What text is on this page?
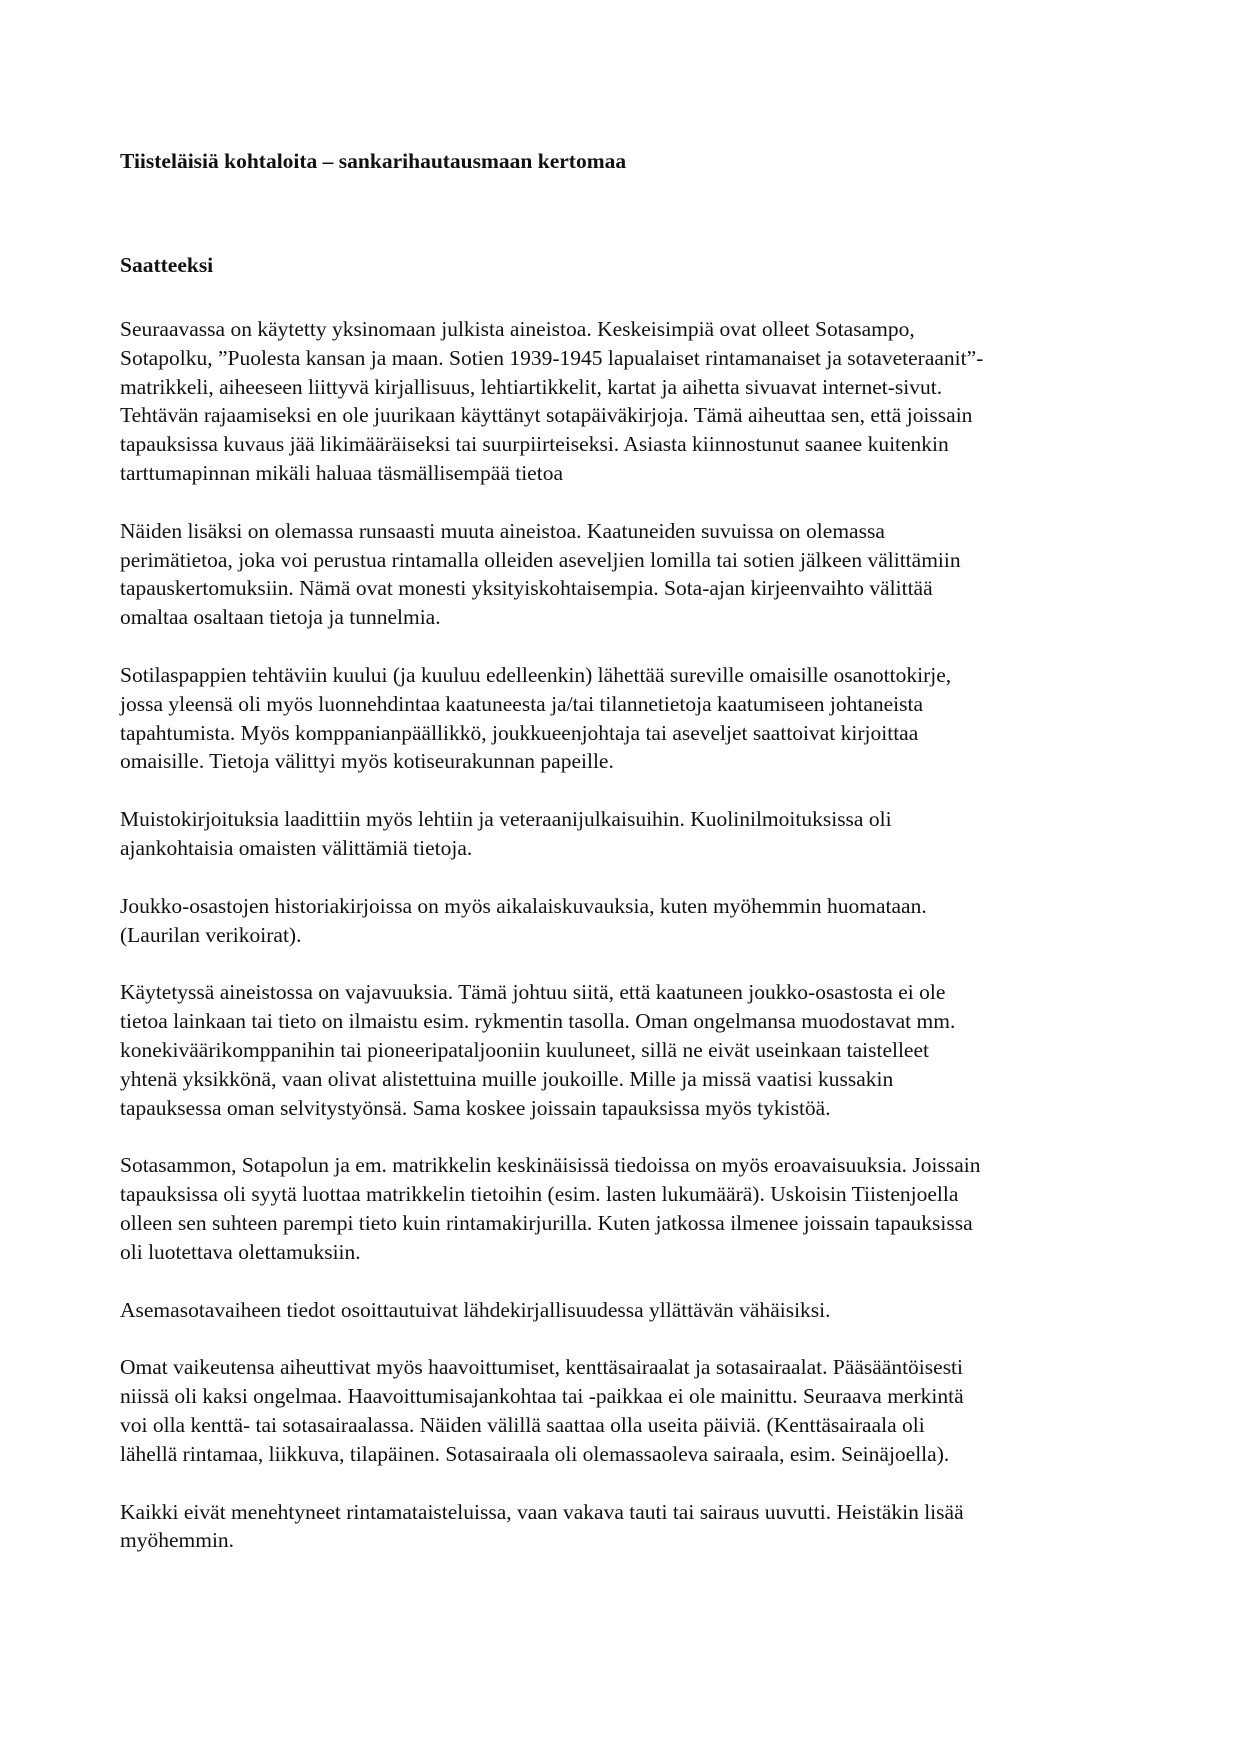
Tiisteläisiä kohtaloita – sankarihautausmaan kertomaa
Saatteeksi

Seuraavassa on käytetty yksinomaan julkista aineistoa. Keskeisimpiä ovat olleet Sotasampo,
Sotapolku, ”Puolesta kansan ja maan. Sotien 1939-1945 lapualaiset rintamanaiset ja sotaveteraanit”-
matrikkeli, aiheeseen liittyvä kirjallisuus, lehtiartikkelit, kartat ja aihetta sivuavat internet-sivut.
Tehtävän rajaamiseksi en ole juurikaan käyttänyt sotapäiväkirjoja. Tämä aiheuttaa sen, että joissain
tapauksissa kuvaus jää likimääräiseksi tai suurpiirteiseksi. Asiasta kiinnostunut saanee kuitenkin
tarttumapinnan mikäli haluaa täsmällisempää tietoa

Näiden lisäksi on olemassa runsaasti muuta aineistoa. Kaatuneiden suvuissa on olemassa
perimätietoa, joka voi perustua rintamalla olleiden aseveljien lomilla tai sotien jälkeen välittämiin
tapauskertomuksiin. Nämä ovat monesti yksityiskohtaisempia. Sota-ajan kirjeenvaihto välittää
omaltaa osaltaan tietoja ja tunnelmia.

Sotilaspappien tehtäviin kuului (ja kuuluu edelleenkin) lähettää sureville omaisille osanottokirje,
jossa yleensä oli myös luonnehdintaa kaatuneesta ja/tai tilannetietoja kaatumiseen johtaneista
tapahtumista. Myös komppanianpäällikkö, joukkueenjohtaja tai aseveljet saattoivat kirjoittaa
omaisille. Tietoja välittyi myös kotiseurakunnan papeille.

Muistokirjoituksia laadittiin myös lehtiin ja veteraanijulkaisuihin. Kuolinilmoituksissa oli
ajankohtaisia omaisten välittämiä tietoja.

Joukko-osastojen historiakirjoissa on myös aikalaiskuvauksia, kuten myöhemmin huomataan.
(Laurilan verikoirat).

Käytetyssä aineistossa on vajavuuksia. Tämä johtuu siitä, että kaatuneen joukko-osastosta ei ole
tietoa lainkaan tai tieto on ilmaistu esim. rykmentin tasolla. Oman ongelmansa muodostavat mm.
konekiväärikomppanihin tai pioneeripataljooniin kuuluneet, sillä ne eivät useinkaan taistelleet
yhtenä yksikkönä, vaan olivat alistettuina muille joukoille. Mille ja missä vaatisi kussakin
tapauksessa oman selvitystyönsä. Sama koskee joissain tapauksissa myös tykistöä.

Sotasammon, Sotapolun ja em. matrikkelin keskinäisissä tiedoissa on myös eroavaisuuksia. Joissain
tapauksissa oli syytä luottaa matrikkelin tietoihin (esim. lasten lukumäärä). Uskoisin Tiistenjoella
olleen sen suhteen parempi tieto kuin rintamakirjurilla. Kuten jatkossa ilmenee joissain tapauksissa
oli luotettava olettamuksiin.

Asemasotavaiheen tiedot osoittautuivat lähdekirjallisuudessa yllättävän vähäisiksi.

Omat vaikeutensa aiheuttivat myös haavoittumiset, kenttäsairaalat ja sotasairaalat. Pääsääntöisesti
niissä oli kaksi ongelmaa. Haavoittumisajankohtaa tai -paikkaa ei ole mainittu. Seuraava merkintä
voi olla kenttä- tai sotasairaalassa. Näiden välillä saattaa olla useita päiviä. (Kenttäsairaala oli
lähellä rintamaa, liikkuva, tilapäinen. Sotasairaala oli olemassaoleva sairaala, esim. Seinäjoella).

Kaikki eivät menehtyneet rintamataisteluissa, vaan vakava tauti tai sairaus uuvutti. Heistäkin lisää
myöhemmin.
